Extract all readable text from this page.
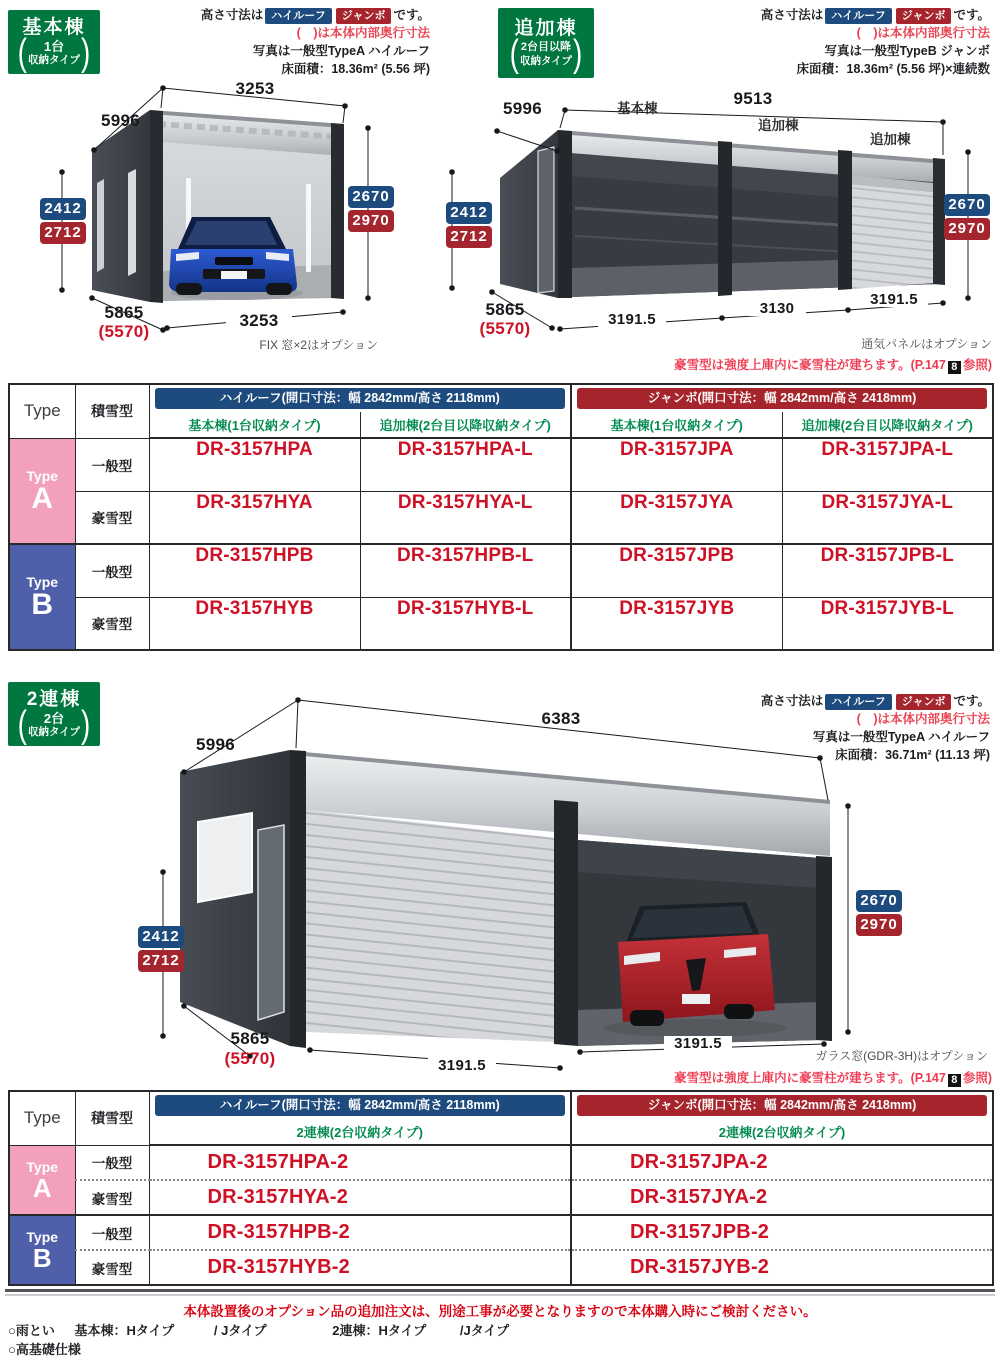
基本棟
( 1台
収納タイプ )
高さ寸法は ハイルーフ ジャンボ です。
(　)は本体内部奥行寸法
写真は一般型TypeA ハイルーフ
床面積：18.36m² (5.56 坪)
3253
5996
2412
2712
2670
2970
5865
(5570)
3253
FIX 窓×2はオプション
追加棟
( 2台目以降
収納タイプ )
高さ寸法は ハイルーフ ジャンボ です。
(　)は本体内部奥行寸法
写真は一般型TypeB ジャンボ
床面積：18.36m² (5.56 坪)×連続数
基本棟
追加棟
追加棟
9513
5996
2412
2712
2670
2970
5865
(5570)	3191.5
3130
3191.5
通気パネルはオプション
豪雪型は強度上庫内に豪雪柱が建ちます。(P.147 8 参照)
Type	積雪型	ハイルーフ(開口寸法：幅 2842mm/高さ 2118mm)		ジャンボ(開口寸法：幅 2842mm/高さ 2418mm)	

		基本棟(1台収納タイプ)	追加棟(2台目以降収納タイプ)	基本棟(1台収納タイプ)	追加棟(2台目以降収納タイプ)

Type
A	一般型	DR-3157HPA	DR-3157HPA-L	DR-3157JPA	DR-3157JPA-L
	豪雪型	DR-3157HYA	DR-3157HYA-L	DR-3157JYA	DR-3157JYA-L

Type
B	一般型	DR-3157HPB	DR-3157HPB-L	DR-3157JPB	DR-3157JPB-L
	豪雪型	DR-3157HYB	DR-3157HYB-L	DR-3157JYB	DR-3157JYB-L
2連棟
( 2台
収納タイプ )
高さ寸法は ハイルーフ ジャンボ です。
(　)は本体内部奥行寸法
写真は一般型TypeA ハイルーフ
床面積：36.71m² (11.13 坪)
6383
5996
2412
2712
2670
2970
5865
(5570)	3191.5
3191.5
ガラス窓(GDR-3H)はオプション
豪雪型は強度上庫内に豪雪柱が建ちます。(P.147 8 参照)
Type	積雪型	ハイルーフ(開口寸法：幅 2842mm/高さ 2118mm)	ジャンボ(開口寸法：幅 2842mm/高さ 2418mm)

		2連棟(2台収納タイプ)	2連棟(2台収納タイプ)

Type
A	一般型	DR-3157HPA-2	DR-3157JPA-2
	豪雪型	DR-3157HYA-2	DR-3157JYA-2

Type
B	一般型	DR-3157HPB-2	DR-3157JPB-2
	豪雪型	DR-3157HYB-2	DR-3157JYB-2
本体設置後のオプション品の追加注文は、別途工事が必要となりますので本体購入時にご検討ください。
○雨とい 基本棟：Hタイプ	/ Jタイプ	2連棟：Hタイプ	/Jタイプ
○高基礎仕様
